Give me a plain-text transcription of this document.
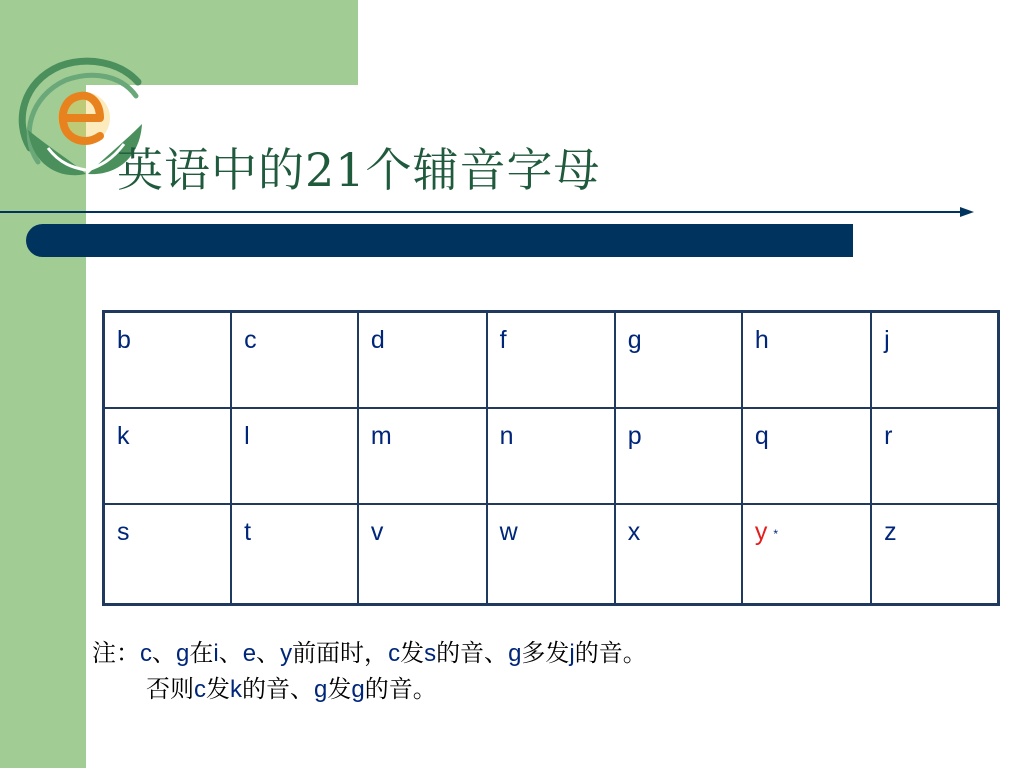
英语中的21个辅音字母
b	c	d	f	g	h	j
k	l	m	n	p	q	r
s	t	v	w	x	y *	z
注：c、g在i、e、y前面时，c发s的音、g多发j的音。
否则c发k的音、g发g的音。
